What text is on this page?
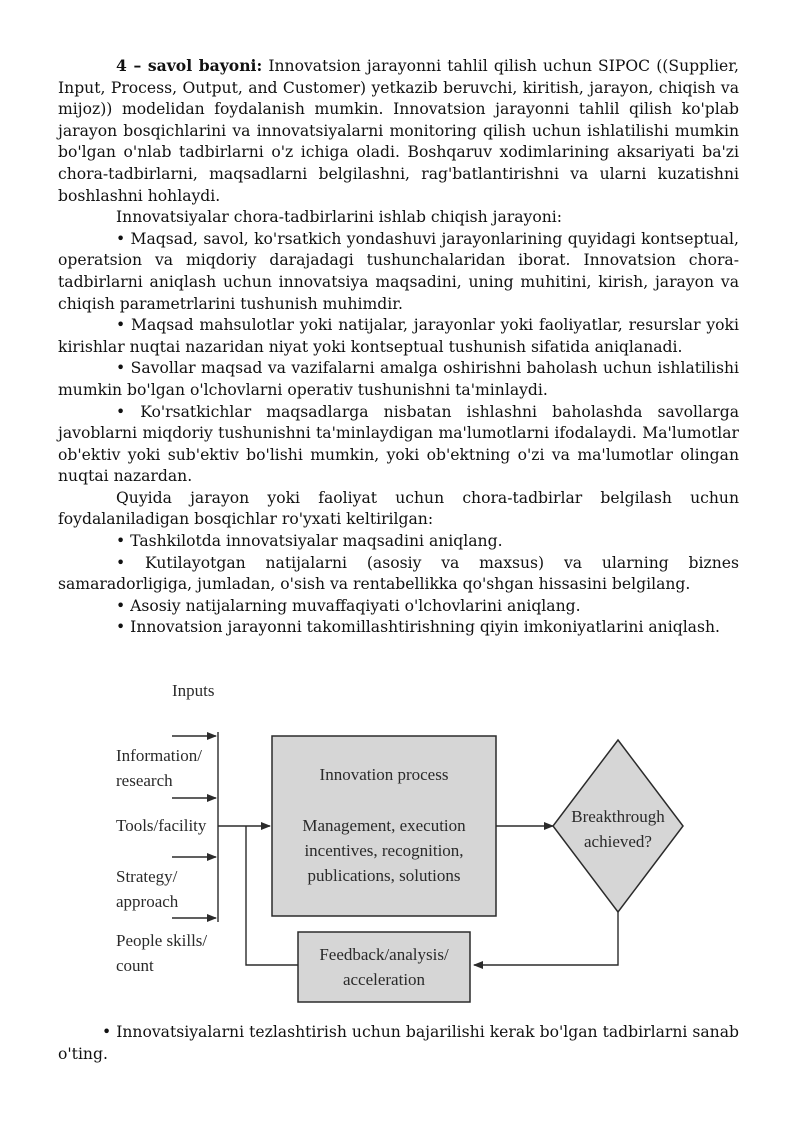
4 – savol bayoni: Innovatsion jarayonni tahlil qilish uchun SIPOC ((Supplier, Input, Process, Output, and Customer) yetkazib beruvchi, kiritish, jarayon, chiqish va mijoz)) modelidan foydalanish mumkin. Innovatsion jarayonni tahlil qilish ko'plab jarayon bosqichlarini va innovatsiyalarni monitoring qilish uchun ishlatilishi mumkin bo'lgan o'nlab tadbirlarni o'z ichiga oladi. Boshqaruv xodimlarining aksariyati ba'zi chora-tadbirlarni, maqsadlarni belgilashni, rag'batlantirishni va ularni kuzatishni boshlashni hohlaydi.

Innovatsiyalar chora-tadbirlarini ishlab chiqish jarayoni:

• Maqsad, savol, ko'rsatkich yondashuvi jarayonlarining quyidagi kontseptual, operatsion va miqdoriy darajadagi tushunchalaridan iborat. Innovatsion chora-tadbirlarni aniqlash uchun innovatsiya maqsadini, uning muhitini, kirish, jarayon va chiqish parametrlarini tushunish muhimdir.

• Maqsad mahsulotlar yoki natijalar, jarayonlar yoki faoliyatlar, resurslar yoki kirishlar nuqtai nazaridan niyat yoki kontseptual tushunish sifatida aniqlanadi.

• Savollar maqsad va vazifalarni amalga oshirishni baholash uchun ishlatilishi mumkin bo'lgan o'lchovlarni operativ tushunishni ta'minlaydi.

• Ko'rsatkichlar maqsadlarga nisbatan ishlashni baholashda savollarga javoblarni miqdoriy tushunishni ta'minlaydigan ma'lumotlarni ifodalaydi. Ma'lumotlar ob'ektiv yoki sub'ektiv bo'lishi mumkin, yoki ob'ektning o'zi va ma'lumotlar olingan nuqtai nazardan.

Quyida jarayon yoki faoliyat uchun chora-tadbirlar belgilash uchun foydalaniladigan bosqichlar ro'yxati keltirilgan:

• Tashkilotda innovatsiyalar maqsadini aniqlang.

• Kutilayotgan natijalarni (asosiy va maxsus) va ularning biznes samaradorligiga, jumladan, o'sish va rentabellikka qo'shgan hissasini belgilang.

• Asosiy natijalarning muvaffaqiyati o'lchovlarini aniqlang.

• Innovatsion jarayonni takomillashtirishning qiyin imkoniyatlarini aniqlash.

Inputs
Information/
research
Tools/facility
Strategy/
approach
People skills/
count
Innovation process
Management, execution
incentives, recognition,
publications, solutions
Breakthrough
achieved?
Feedback/analysis/
acceleration

• Innovatsiyalarni tezlashtirish uchun bajarilishi kerak bo'lgan tadbirlarni sanab o'ting.
